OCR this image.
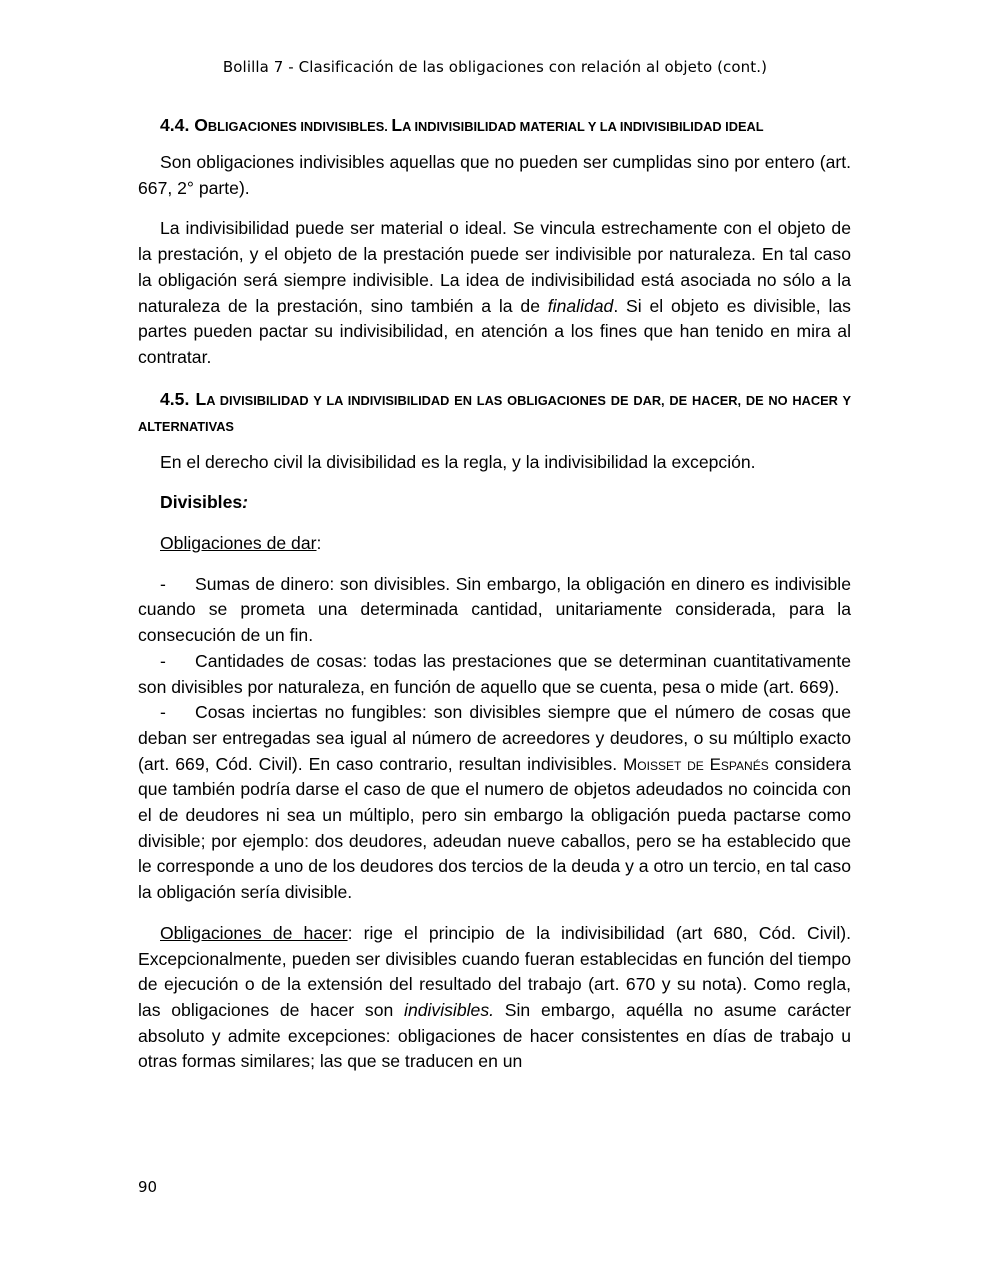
Bolilla 7 - Clasificación de las obligaciones con relación al objeto (cont.)

4.4. OBLIGACIONES INDIVISIBLES. LA INDIVISIBILIDAD MATERIAL Y LA INDIVISIBILIDAD IDEAL

Son obligaciones indivisibles aquellas que no pueden ser cumplidas sino por entero (art. 667, 2° parte).

La indivisibilidad puede ser material o ideal. Se vincula estrechamente con el objeto de la prestación, y el objeto de la prestación puede ser indivisible por naturaleza. En tal caso la obligación será siempre indivisible. La idea de indivisibilidad está asociada no sólo a la naturaleza de la prestación, sino también a la de finalidad. Si el objeto es divisible, las partes pueden pactar su indivisibilidad, en atención a los fines que han tenido en mira al contratar.

4.5. LA DIVISIBILIDAD Y LA INDIVISIBILIDAD EN LAS OBLIGACIONES DE DAR, DE HACER, DE NO HACER Y ALTERNATIVAS

En el derecho civil la divisibilidad es la regla, y la indivisibilidad la excepción.

Divisibles:

Obligaciones de dar:

- Sumas de dinero: son divisibles. Sin embargo, la obligación en dinero es indivisible cuando se prometa una determinada cantidad, unitariamente considerada, para la consecución de un fin.

- Cantidades de cosas: todas las prestaciones que se determinan cuantitativamente son divisibles por naturaleza, en función de aquello que se cuenta, pesa o mide (art. 669).

- Cosas inciertas no fungibles: son divisibles siempre que el número de cosas que deban ser entregadas sea igual al número de acreedores y deudores, o su múltiplo exacto (art. 669, Cód. Civil). En caso contrario, resultan indivisibles. Moisset de Espanés considera que también podría darse el caso de que el numero de objetos adeudados no coincida con el de deudores ni sea un múltiplo, pero sin embargo la obligación pueda pactarse como divisible; por ejemplo: dos deudores, adeudan nueve caballos, pero se ha establecido que le corresponde a uno de los deudores dos tercios de la deuda y a otro un tercio, en tal caso la obligación sería divisible.

Obligaciones de hacer: rige el principio de la indivisibilidad (art 680, Cód. Civil). Excepcionalmente, pueden ser divisibles cuando fueran establecidas en función del tiempo de ejecución o de la extensión del resultado del trabajo (art. 670 y su nota). Como regla, las obligaciones de hacer son indivisibles. Sin embargo, aquélla no asume carácter absoluto y admite excepciones: obligaciones de hacer consistentes en días de trabajo u otras formas similares; las que se traducen en un

90
